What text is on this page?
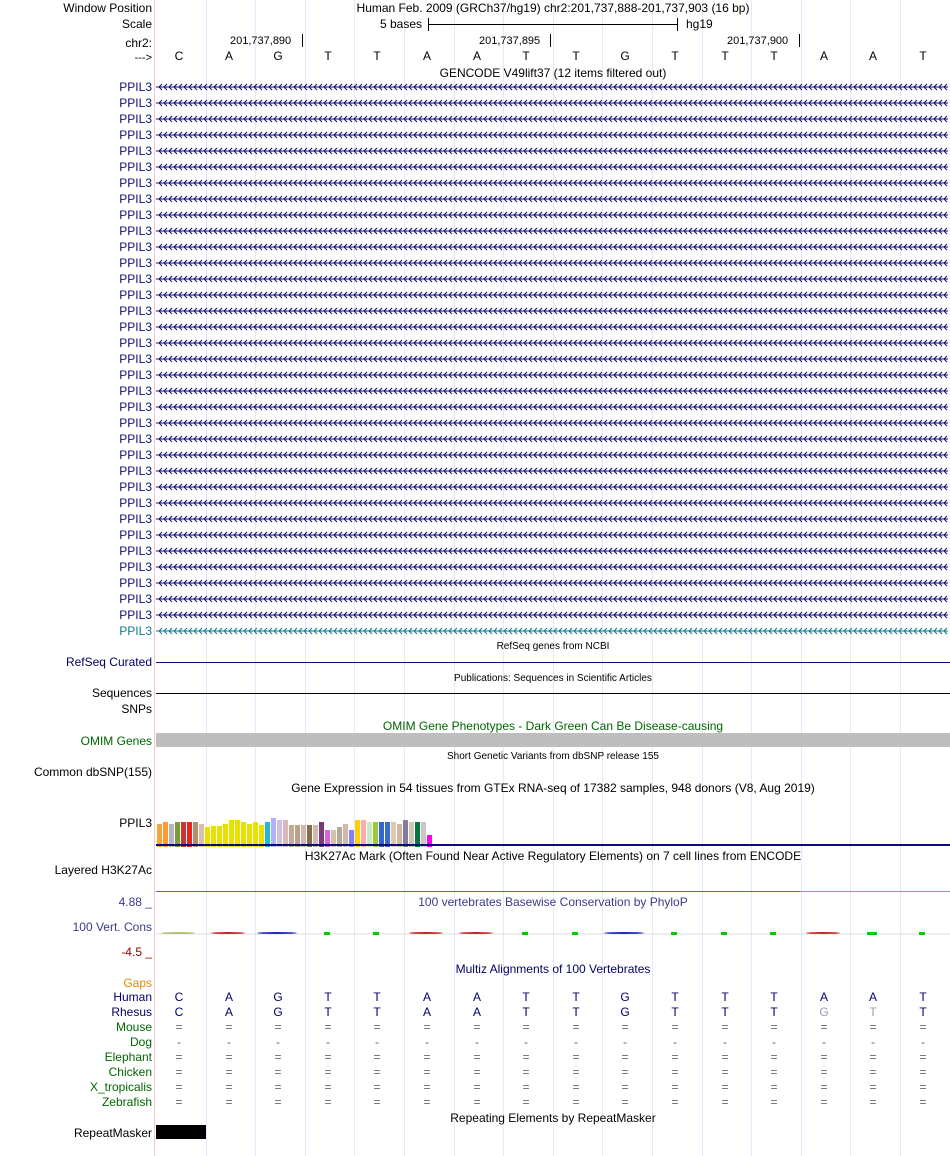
Window Position	Human Feb. 2009 (GRCh37/hg19) chr2:201,737,888-201,737,903 (16 bp)
Scale	5 bases	hg19
chr2:	201,737,890	201,737,895	201,737,900
--->	C	A	G	T	T	A	A	T	T	G	T	T	T	A	A	T
GENCODE V49lift37 (12 items filtered out)
PPIL3
PPIL3
PPIL3
PPIL3
PPIL3
PPIL3
PPIL3
PPIL3
PPIL3
PPIL3
PPIL3
PPIL3
PPIL3
PPIL3
PPIL3
PPIL3
PPIL3
PPIL3
PPIL3
PPIL3
PPIL3
PPIL3
PPIL3
PPIL3
PPIL3
PPIL3
PPIL3
PPIL3
PPIL3
PPIL3
PPIL3
PPIL3
PPIL3
PPIL3
PPIL3
RefSeq genes from NCBI
RefSeq Curated
Publications: Sequences in Scientific Articles
Sequences
SNPs
OMIM Gene Phenotypes - Dark Green Can Be Disease-causing
OMIM Genes
Short Genetic Variants from dbSNP release 155
Common dbSNP(155)
Gene Expression in 54 tissues from GTEx RNA-seq of 17382 samples, 948 donors (V8, Aug 2019)
PPIL3
H3K27Ac Mark (Often Found Near Active Regulatory Elements) on 7 cell lines from ENCODE
Layered H3K27Ac
100 vertebrates Basewise Conservation by PhyloP
4.88 _
100 Vert. Cons
-4.5 _
Multiz Alignments of 100 Vertebrates
Gaps
Human	C	A	G	T	T	A	A	T	T	G	T	T	T	A	A	T
Rhesus	C	A	G	T	T	A	A	T	T	G	T	T	T	G	T	T
Mouse	=	=	=	=	=	=	=	=	=	=	=	=	=	=	=	=
Dog	-	-	-	-	-	-	-	-	-	-	-	-	-	-	-	-
Elephant	=	=	=	=	=	=	=	=	=	=	=	=	=	=	=	=
Chicken	=	=	=	=	=	=	=	=	=	=	=	=	=	=	=	=
X_tropicalis	=	=	=	=	=	=	=	=	=	=	=	=	=	=	=	=
Zebrafish	=	=	=	=	=	=	=	=	=	=	=	=	=	=	=	=
Repeating Elements by RepeatMasker
RepeatMasker
